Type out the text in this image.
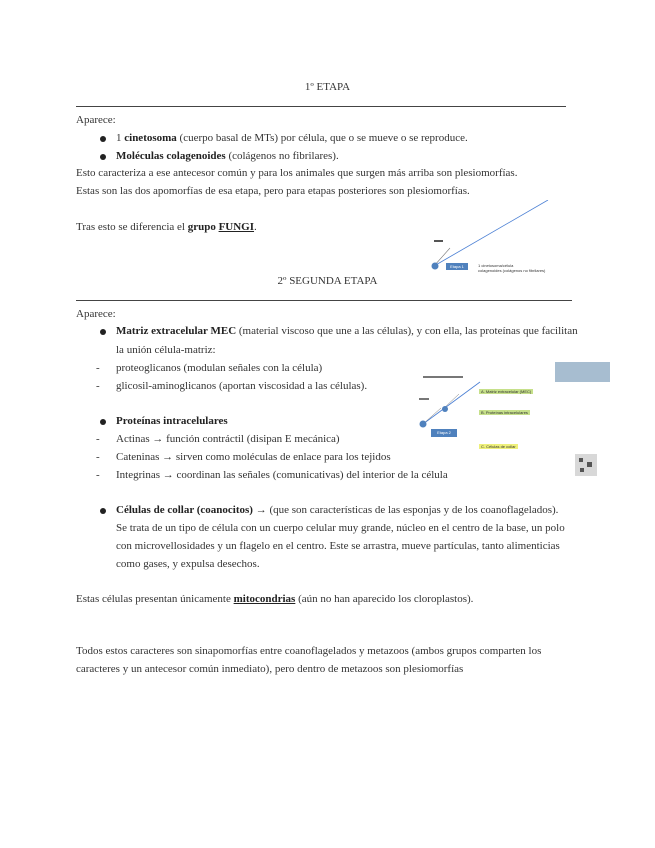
1º ETAPA
Aparece:
1 cinetosoma (cuerpo basal de MTs) por célula, que o se mueve o se reproduce.
Moléculas colagenoides (colágenos no fibrilares).
Esto caracteriza a ese antecesor común y para los animales que surgen más arriba son plesiomorfías.
Estas son las dos apomorfías de esa etapa, pero para etapas posteriores son plesiomorfías.
Tras esto se diferencia el grupo FUNGI.
Etapa 1	1 cinetosoma/célula
colagenoides (colágenos no fibrilares)
2º SEGUNDA ETAPA
Aparece:
Matriz extracelular MEC (material viscoso que une a las células), y con ella, las proteínas que facilitan
la unión célula-matriz:
- proteoglicanos (modulan señales con la célula)
- glicosil-aminoglicanos (aportan viscosidad a las células).
Proteínas intracelulares
- Actinas → función contráctil (disipan E mecánica)
- Cateninas → sirven como moléculas de enlace para los tejidos
- Integrinas → coordinan las señales (comunicativas) del interior de la célula
Células de collar (coanocitos) → (que son características de las esponjas y de los coanoflagelados).
Se trata de un tipo de célula con un cuerpo celular muy grande, núcleo en el centro de la base, un polo
con microvellosidades y un flagelo en el centro. Este se arrastra, mueve partículas, tanto alimenticias
como gases, y expulsa desechos.
Estas células presentan únicamente mitocondrias (aún no han aparecido los cloroplastos).
Todos estos caracteres son sinapomorfías entre coanoflagelados y metazoos (ambos grupos comparten los
caracteres y un antecesor común inmediato), pero dentro de metazoos son plesiomorfías
Etapa 2
A. Matriz extracelular (MEC)
B. Proteínas intracelulares
C. Células de collar
